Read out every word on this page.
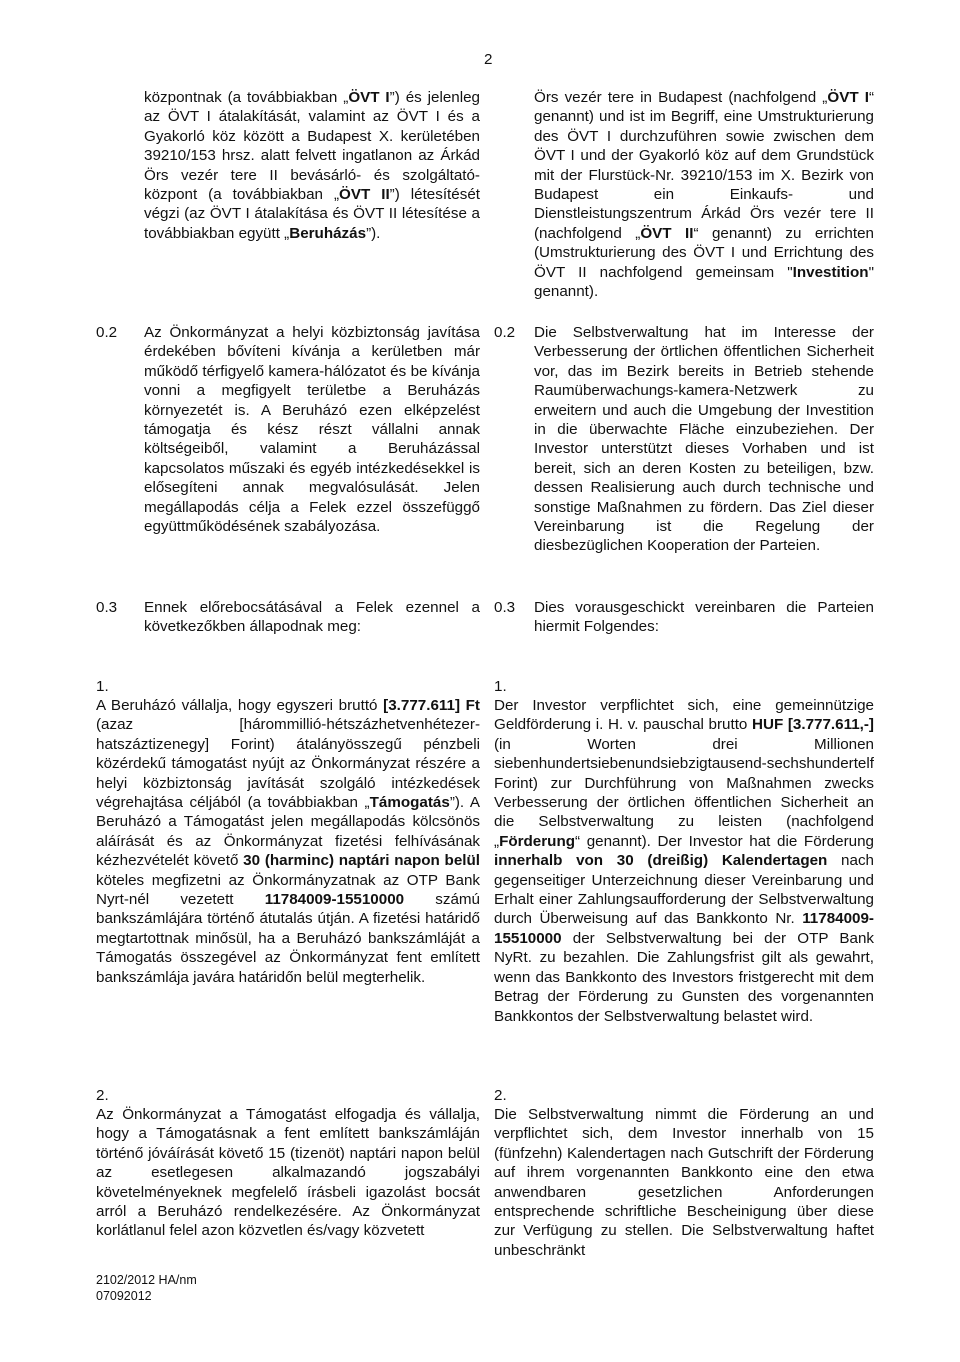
2

központnak (a továbbiakban „ÖVT I”) és jelenleg az ÖVT I átalakítását, valamint az ÖVT I és a Gyakorló köz között a Budapest X. kerületében 39210/153 hrsz. alatt felvett ingatlanon az Árkád Örs vezér tere II bevásárló- és szolgáltató-központ (a továbbiakban „ÖVT II”) létesítését végzi (az ÖVT I átalakítása és ÖVT II létesítése a továbbiakban együtt „Beruházás”).

Örs vezér tere in Budapest (nachfolgend „ÖVT I“ genannt) und ist im Begriff, eine Umstrukturierung des ÖVT I durchzuführen sowie zwischen dem ÖVT I und der Gyakorló köz auf dem Grundstück mit der Flurstück-Nr. 39210/153 im X. Bezirk von Budapest ein Einkaufs- und Dienstleistungszentrum Árkád Örs vezér tere II (nachfolgend „ÖVT II“ genannt) zu errichten (Umstrukturierung des ÖVT I und Errichtung des ÖVT II nachfolgend gemeinsam "Investition" genannt).

0.2 Az Önkormányzat a helyi közbiztonság javítása érdekében bővíteni kívánja a kerületben már működő térfigyelő kamera-hálózatot és be kívánja vonni a megfigyelt területbe a Beruházás környezetét is. A Beruházó ezen elképzelést támogatja és kész részt vállalni annak költségeiből, valamint a Beruházással kapcsolatos műszaki és egyéb intézkedésekkel is elősegíteni annak megvalósulását. Jelen megállapodás célja a Felek ezzel összefüggő együttműködésének szabályozása.

0.2 Die Selbstverwaltung hat im Interesse der Verbesserung der örtlichen öffentlichen Sicherheit vor, das im Bezirk bereits in Betrieb stehende Raumüberwachungs-kamera-Netzwerk zu erweitern und auch die Umgebung der Investition in die überwachte Fläche einzubeziehen. Der Investor unterstützt dieses Vorhaben und ist bereit, sich an deren Kosten zu beteiligen, bzw. dessen Realisierung auch durch technische und sonstige Maßnahmen zu fördern. Das Ziel dieser Vereinbarung ist die Regelung der diesbezüglichen Kooperation der Parteien.

0.3 Ennek előrebocsátásával a Felek ezennel a következőkben állapodnak meg:

0.3 Dies vorausgeschickt vereinbaren die Parteien hiermit Folgendes:

1.

A Beruházó vállalja, hogy egyszeri bruttó [3.777.611] Ft (azaz [hárommillió-hétszázhetvenhétezer-hatszáztizenegy] Forint) átalányösszegű pénzbeli közérdekű támogatást nyújt az Önkormányzat részére a helyi közbiztonság javítását szolgáló intézkedések végrehajtása céljából (a továbbiakban „Támogatás”). A Beruházó a Támogatást jelen megállapodás kölcsönös aláírását és az Önkormányzat fizetési felhívásának kézhezvételét követő 30 (harminc) naptári napon belül köteles megfizetni az Önkormányzatnak az OTP Bank Nyrt-nél vezetett 11784009-15510000 számú bankszámlájára történő átutalás útján. A fizetési határidő megtartottnak minősül, ha a Beruházó bankszámláját a Támogatás összegével az Önkormányzat fent említett bankszámlája javára határidőn belül megterhelik.

1.

Der Investor verpflichtet sich, eine gemeinnützige Geldförderung i. H. v. pauschal brutto HUF [3.777.611,-] (in Worten drei Millionen siebenhundertsiebenundsiebzigtausend-sechshundertelf Forint) zur Durchführung von Maßnahmen zwecks Verbesserung der örtlichen öffentlichen Sicherheit an die Selbstverwaltung zu leisten (nachfolgend „Förderung“ genannt). Der Investor hat die Förderung innerhalb von 30 (dreißig) Kalendertagen nach gegenseitiger Unterzeichnung dieser Vereinbarung und Erhalt einer Zahlungsaufforderung der Selbstverwaltung durch Überweisung auf das Bankkonto Nr. 11784009-15510000 der Selbstverwaltung bei der OTP Bank NyRt. zu bezahlen. Die Zahlungsfrist gilt als gewahrt, wenn das Bankkonto des Investors fristgerecht mit dem Betrag der Förderung zu Gunsten des vorgenannten Bankkontos der Selbstverwaltung belastet wird.

2.

Az Önkormányzat a Támogatást elfogadja és vállalja, hogy a Támogatásnak a fent említett bankszámláján történő jóváírását követő 15 (tizenöt) naptári napon belül az esetlegesen alkalmazandó jogszabályi követelményeknek megfelelő írásbeli igazolást bocsát arról a Beruházó rendelkezésére. Az Önkormányzat korlátlanul felel azon közvetlen és/vagy közvetett

2.

Die Selbstverwaltung nimmt die Förderung an und verpflichtet sich, dem Investor innerhalb von 15 (fünfzehn) Kalendertagen nach Gutschrift der Förderung auf ihrem vorgenannten Bankkonto eine den etwa anwendbaren gesetzlichen Anforderungen entsprechende schriftliche Bescheinigung über diese zur Verfügung zu stellen. Die Selbstverwaltung haftet unbeschränkt

2102/2012 HA/nm
07092012
